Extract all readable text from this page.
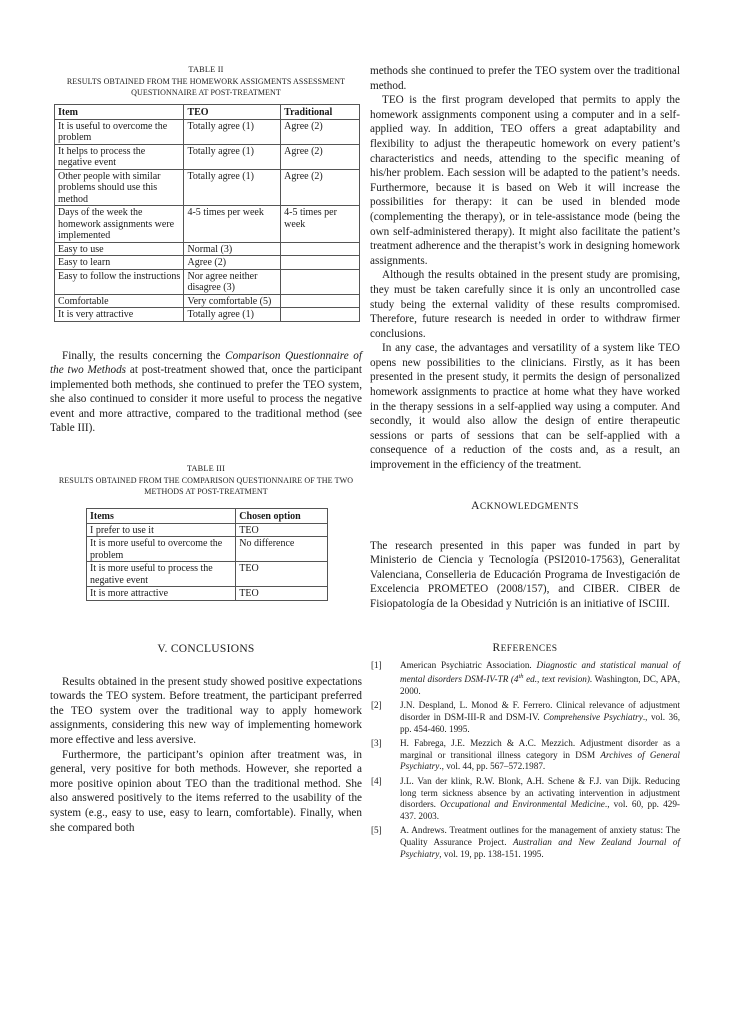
TABLE II
RESULTS OBTAINED FROM THE HOMEWORK ASSIGMENTS ASSESSMENT QUESTIONNAIRE AT POST-TREATMENT
Item	TEO	Traditional
It is useful to overcome the problem	Totally agree (1)	Agree (2)
It helps to process the negative event	Totally agree (1)	Agree (2)
Other people with similar problems should use this method	Totally agree (1)	Agree (2)
Days of the week the homework assignments were implemented	4-5 times per week	4-5 times per week
Easy to use	Normal (3)	
Easy to learn	Agree (2)	
Easy to follow the instructions	Nor agree neither disagree (3)	
Comfortable	Very comfortable (5)	
It is very attractive	Totally agree (1)	

Finally, the results concerning the Comparison Questionnaire of the two Methods at post-treatment showed that, once the participant implemented both methods, she continued to prefer the TEO system, she also continued to consider it more useful to process the negative event and more attractive, compared to the traditional method (see Table III).

TABLE III
RESULTS OBTAINED FROM THE COMPARISON QUESTIONNAIRE OF THE TWO METHODS AT POST-TREATMENT
Items	Chosen option
I prefer to use it	TEO
It is more useful to overcome the problem	No difference
It is more useful to process the negative event	TEO
It is more attractive	TEO
V. CONCLUSIONS

Results obtained in the present study showed positive expectations towards the TEO system. Before treatment, the participant preferred the TEO system over the traditional way to apply homework assignments, considering this new way of implementing homework more effective and less aversive.

Furthermore, the participant’s opinion after treatment was, in general, very positive for both methods. However, she reported a more positive opinion about TEO than the traditional method. She also answered positively to the items referred to the usability of the system (e.g., easy to use, easy to learn, comfortable). Finally, when she compared both

methods she continued to prefer the TEO system over the traditional method.

TEO is the first program developed that permits to apply the homework assignments component using a computer and in a self-applied way. In addition, TEO offers a great adaptability and flexibility to adjust the therapeutic homework on every patient’s characteristics and needs, attending to the specific meaning of his/her problem. Each session will be adapted to the patient’s needs. Furthermore, because it is based on Web it will increase the possibilities for therapy: it can be used in blended mode (complementing the therapy), or in tele-assistance mode (being the own self-administered therapy). It might also facilitate the patient’s treatment adherence and the therapist’s work in designing homework assignments.

Although the results obtained in the present study are promising, they must be taken carefully since it is only an uncontrolled case study being the external validity of these results compromised. Therefore, future research is needed in order to withdraw firmer conclusions.

In any case, the advantages and versatility of a system like TEO opens new possibilities to the clinicians. Firstly, as it has been presented in the present study, it permits the design of personalized homework assignments to practice at home what they have worked in the therapy sessions in a self-applied way using a computer. And secondly, it would also allow the design of entire therapeutic sessions or parts of sessions that can be self-applied with a consequence of a reduction of the costs and, as a result, an improvement in the efficiency of the treatment.

ACKNOWLEDGMENTS

The research presented in this paper was funded in part by Ministerio de Ciencia y Tecnología (PSI2010-17563), Generalitat Valenciana, Conselleria de Educación Programa de Investigación de Excelencia PROMETEO (2008/157), and CIBER. CIBER de Fisiopatología de la Obesidad y Nutrición is an initiative of ISCIII.

REFERENCES
[1] American Psychiatric Association. Diagnostic and statistical manual of mental disorders DSM-IV-TR (4th ed., text revision). Washington, DC, APA, 2000.
[2] J.N. Despland, L. Monod & F. Ferrero. Clinical relevance of adjustment disorder in DSM-III-R and DSM-IV. Comprehensive Psychiatry., vol. 36, pp. 454-460. 1995.
[3] H. Fabrega, J.E. Mezzich & A.C. Mezzich. Adjustment disorder as a marginal or transitional illness category in DSM Archives of General Psychiatry., vol. 44, pp. 567–572.1987.
[4] J.L. Van der klink, R.W. Blonk, A.H. Schene & F.J. van Dijk. Reducing long term sickness absence by an activating intervention in adjustment disorders. Occupational and Environmental Medicine., vol. 60, pp. 429-437. 2003.
[5] A. Andrews. Treatment outlines for the management of anxiety status: The Quality Assurance Project. Australian and New Zealand Journal of Psychiatry, vol. 19, pp. 138-151. 1995.
